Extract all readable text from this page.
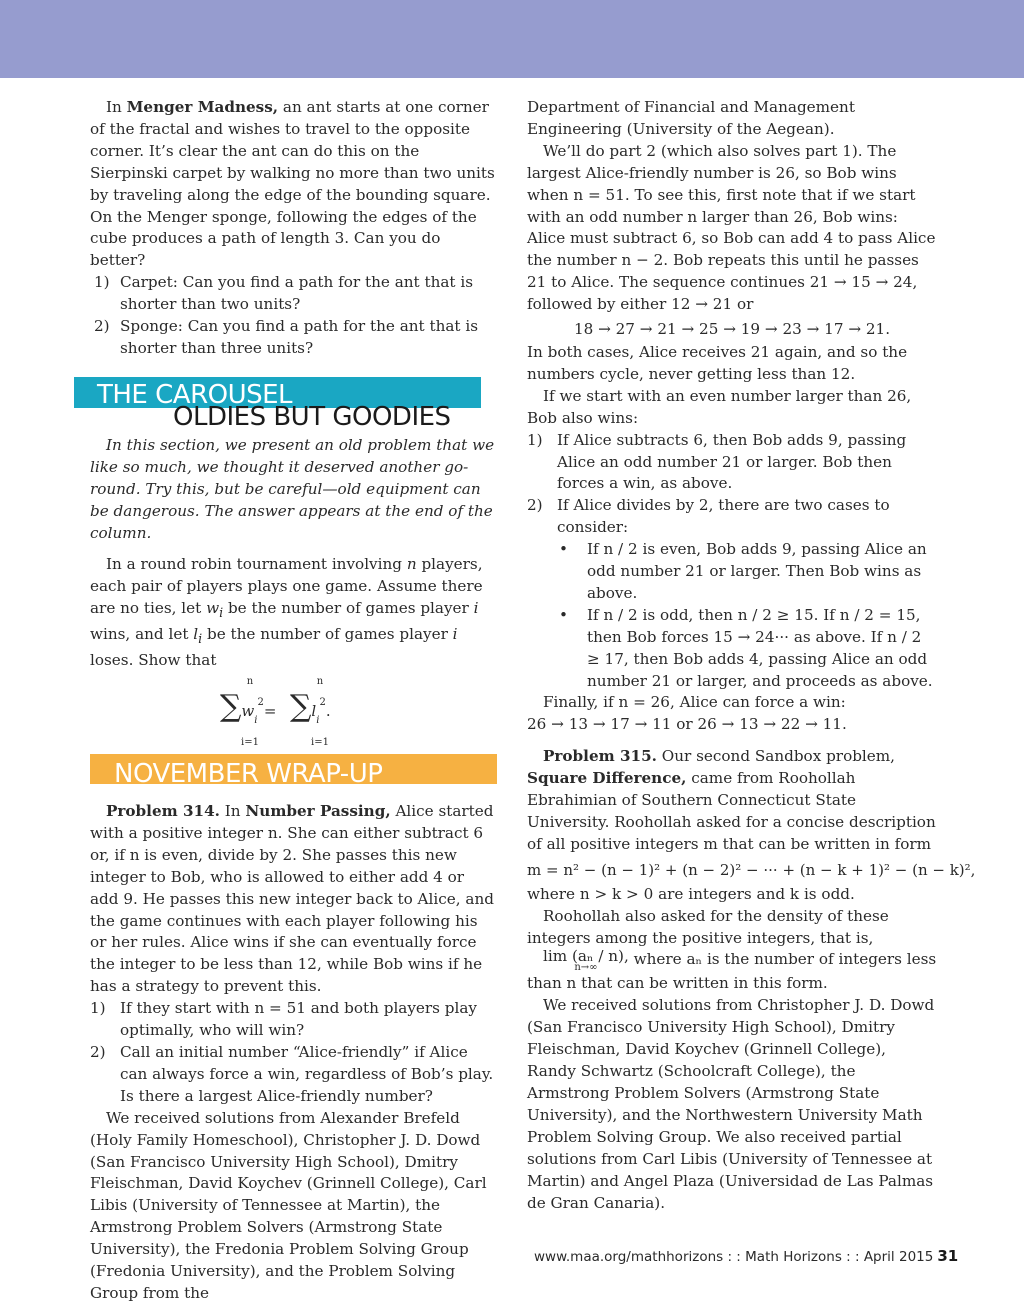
In Menger Madness, an ant starts at one corner of the fractal and wishes to travel to the opposite corner. It’s clear the ant can do this on the Sierpinski carpet by walking no more than two units by traveling along the edge of the bounding square. On the Menger sponge, following the edges of the cube produces a path of length 3. Can you do better?

1) Carpet: Can you find a path for the ant that is shorter than two units?
2) Sponge: Can you find a path for the ant that is shorter than three units?
THE CAROUSEL
OLDIES BUT GOODIES

In this section, we present an old problem that we like so much, we thought it deserved another go-round. Try this, but be careful—old equipment can be dangerous. The answer appears at the end of the column.

In a round robin tournament involving n players, each pair of players plays one game. Assume there are no ties, let $w_i$ be the number of games player i wins, and let $l_i$ be the number of games player i loses. Show that

n
$\sum w_i^2=$
i=1
n
$\sum l_i^2$.
i=1
NOVEMBER WRAP-UP

Problem 314. In Number Passing, Alice started with a positive integer n. She can either subtract 6 or, if n is even, divide by 2. She passes this new integer to Bob, who is allowed to either add 4 or add 9. He passes this new integer back to Alice, and the game continues with each player following his or her rules. Alice wins if she can eventually force the integer to be less than 12, while Bob wins if he has a strategy to prevent this.

1) If they start with n = 51 and both players play optimally, who will win?
2) Call an initial number “Alice-friendly” if Alice can always force a win, regardless of Bob’s play. Is there a largest Alice-friendly number?

We received solutions from Alexander Brefeld (Holy Family Homeschool), Christopher J. D. Dowd (San Francisco University High School), Dmitry Fleischman, David Koychev (Grinnell College), Carl Libis (University of Tennessee at Martin), the Armstrong Problem Solvers (Armstrong State University), the Fredonia Problem Solving Group (Fredonia University), and the Problem Solving Group from the

Department of Financial and Management Engineering (University of the Aegean).

We’ll do part 2 (which also solves part 1). The largest Alice-friendly number is 26, so Bob wins when n = 51. To see this, first note that if we start with an odd number n larger than 26, Bob wins: Alice must subtract 6, so Bob can add 4 to pass Alice the number n − 2. Bob repeats this until he passes 21 to Alice. The sequence continues 21 → 15 → 24, followed by either 12 → 21 or

18 → 27 → 21 → 25 → 19 → 23 → 17 → 21.

In both cases, Alice receives 21 again, and so the numbers cycle, never getting less than 12.

If we start with an even number larger than 26, Bob also wins:

1) If Alice subtracts 6, then Bob adds 9, passing Alice an odd number 21 or larger. Bob then forces a win, as above.
2) If Alice divides by 2, there are two cases to consider:
•	If n / 2 is even, Bob adds 9, passing Alice an odd number 21 or larger. Then Bob wins as above.
•	If n / 2 is odd, then n / 2 ≥ 15. If n / 2 = 15, then Bob forces 15 → 24··· as above. If n / 2 ≥ 17, then Bob adds 4, passing Alice an odd number 21 or larger, and proceeds as above.

Finally, if n = 26, Alice can force a win:

26 → 13 → 17 → 11 or 26 → 13 → 22 → 11.

Problem 315. Our second Sandbox problem, Square Difference, came from Roohollah Ebrahimian of Southern Connecticut State University. Roohollah asked for a concise description of all positive integers m that can be written in form

m = n² − (n − 1)² + (n − 2)² − ··· + (n − k + 1)² − (n − k)²,

where n > k > 0 are integers and k is odd.

Roohollah also asked for the density of these integers among the positive integers, that is, lim (aₙ / n),
n→∞	where aₙ is the number of integers less than n that can be written in this form.

We received solutions from Christopher J. D. Dowd (San Francisco University High School), Dmitry Fleischman, David Koychev (Grinnell College), Randy Schwartz (Schoolcraft College), the Armstrong Problem Solvers (Armstrong State University), and the Northwestern University Math Problem Solving Group. We also received partial solutions from Carl Libis (University of Tennessee at Martin) and Angel Plaza (Universidad de Las Palmas de Gran Canaria).

www.maa.org/mathhorizons : : Math Horizons : : April 2015 31
